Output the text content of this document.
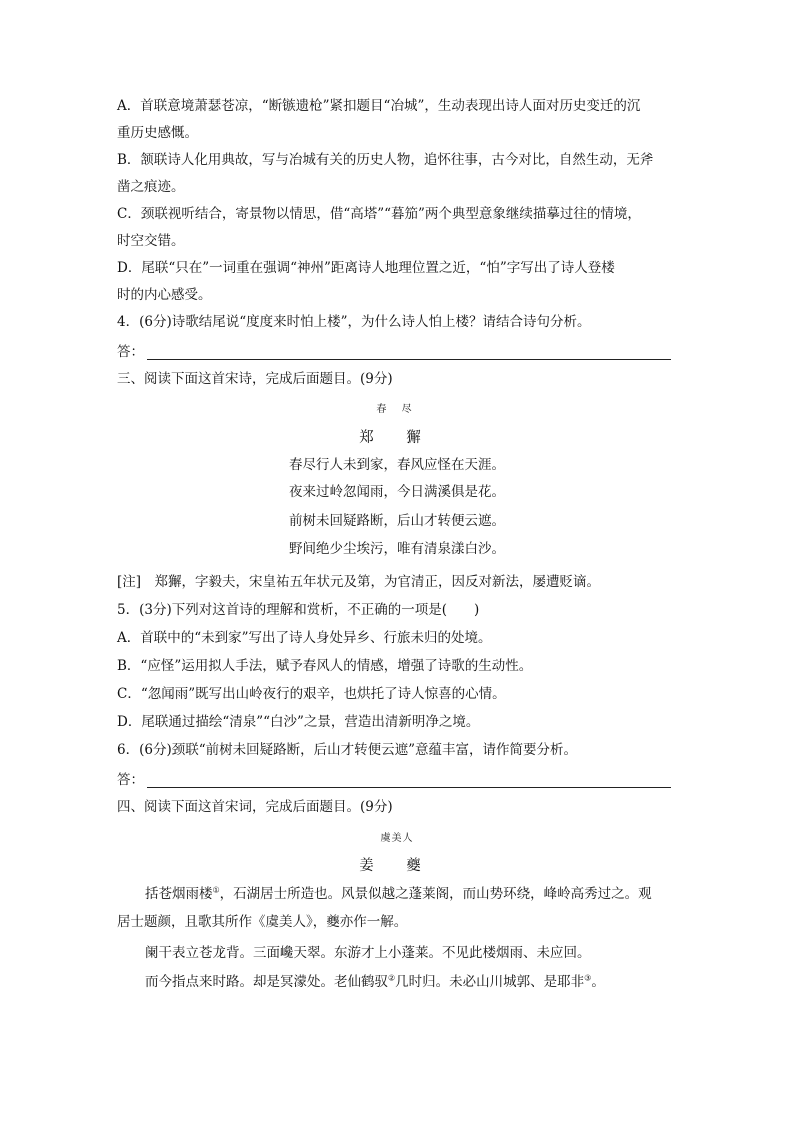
A．首联意境萧瑟苍凉，“断镞遗枪”紧扣题目“冶城”，生动表现出诗人面对历史变迁的沉
重历史感慨。
B．颔联诗人化用典故，写与冶城有关的历史人物，追怀往事，古今对比，自然生动，无斧
凿之痕迹。
C．颈联视听结合，寄景物以情思，借“高塔”“暮笳”两个典型意象继续描摹过往的情境，
时空交错。
D．尾联“只在”一词重在强调“神州”距离诗人地理位置之近，“怕”字写出了诗人登楼
时的内心感受。
4．(6分)诗歌结尾说“度度来时怕上楼”，为什么诗人怕上楼？请结合诗句分析。
答：
三、阅读下面这首宋诗，完成后面题目。(9分)
春 尽
郑 獬
春尽行人未到家，春风应怪在天涯。
夜来过岭忽闻雨，今日满溪俱是花。
前树未回疑路断，后山才转便云遮。
野间绝少尘埃污，唯有清泉漾白沙。
[注]　郑獬，字毅夫，宋皇祐五年状元及第，为官清正，因反对新法，屡遭贬谪。
5．(3分)下列对这首诗的理解和赏析，不正确的一项是(　　)
A．首联中的“未到家”写出了诗人身处异乡、行旅未归的处境。
B．“应怪”运用拟人手法，赋予春风人的情感，增强了诗歌的生动性。
C．“忽闻雨”既写出山岭夜行的艰辛，也烘托了诗人惊喜的心情。
D．尾联通过描绘“清泉”“白沙”之景，营造出清新明净之境。
6．(6分)颈联“前树未回疑路断，后山才转便云遮”意蕴丰富，请作简要分析。
答：
四、阅读下面这首宋词，完成后面题目。(9分)
虞美人
姜 夔
括苍烟雨楼①，石湖居士所造也。风景似越之蓬莱阁，而山势环绕，峰岭高秀过之。观
居士题颜，且歌其所作《虞美人》，夔亦作一解。
阑干表立苍龙背。三面巉天翠。东游才上小蓬莱。不见此楼烟雨、未应回。
而今指点来时路。却是冥濛处。老仙鹤驭②几时归。未必山川城郭、是耶非③。
